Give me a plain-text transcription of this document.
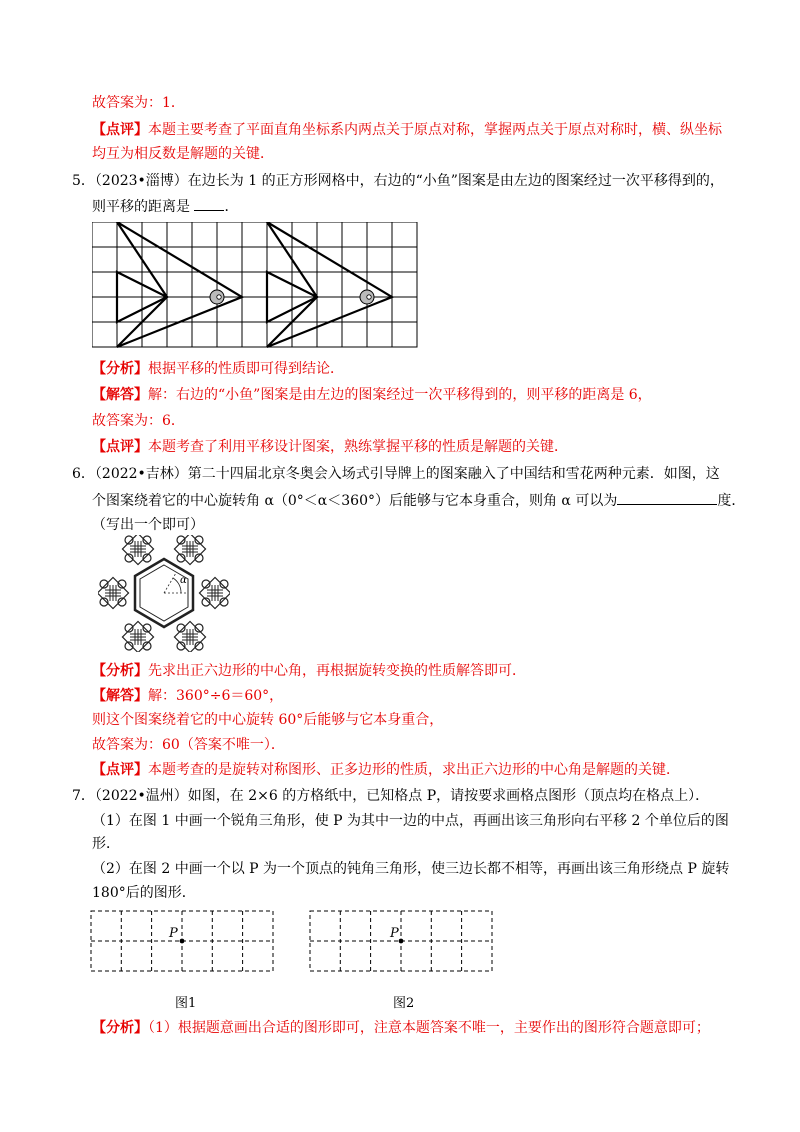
故答案为：1．
【点评】本题主要考查了平面直角坐标系内两点关于原点对称，掌握两点关于原点对称时，横、纵坐标
均互为相反数是解题的关键．
5．（2023•淄博）在边长为 1 的正方形网格中，右边的“小鱼”图案是由左边的图案经过一次平移得到的，
则平移的距离是 ．
【分析】根据平移的性质即可得到结论．
【解答】解：右边的“小鱼”图案是由左边的图案经过一次平移得到的，则平移的距离是 6，
故答案为：6．
【点评】本题考查了利用平移设计图案，熟练掌握平移的性质是解题的关键．
6．（2022•吉林）第二十四届北京冬奥会入场式引导牌上的图案融入了中国结和雪花两种元素．如图，这
个图案绕着它的中心旋转角 α（0°＜α＜360°）后能够与它本身重合，则角 α 可以为	度．
（写出一个即可）
α
【分析】先求出正六边形的中心角，再根据旋转变换的性质解答即可．
【解答】解：360°÷6＝60°，
则这个图案绕着它的中心旋转 60°后能够与它本身重合，
故答案为：60（答案不唯一）．
【点评】本题考查的是旋转对称图形、正多边形的性质，求出正六边形的中心角是解题的关键．
7．（2022•温州）如图，在 2×6 的方格纸中，已知格点 P，请按要求画格点图形（顶点均在格点上）．
（1）在图 1 中画一个锐角三角形，使 P 为其中一边的中点，再画出该三角形向右平移 2 个单位后的图
形．
（2）在图 2 中画一个以 P 为一个顶点的钝角三角形，使三边长都不相等，再画出该三角形绕点 P 旋转
180°后的图形．
P	P
图1	图2
【分析】（1）根据题意画出合适的图形即可，注意本题答案不唯一，主要作出的图形符合题意即可；
